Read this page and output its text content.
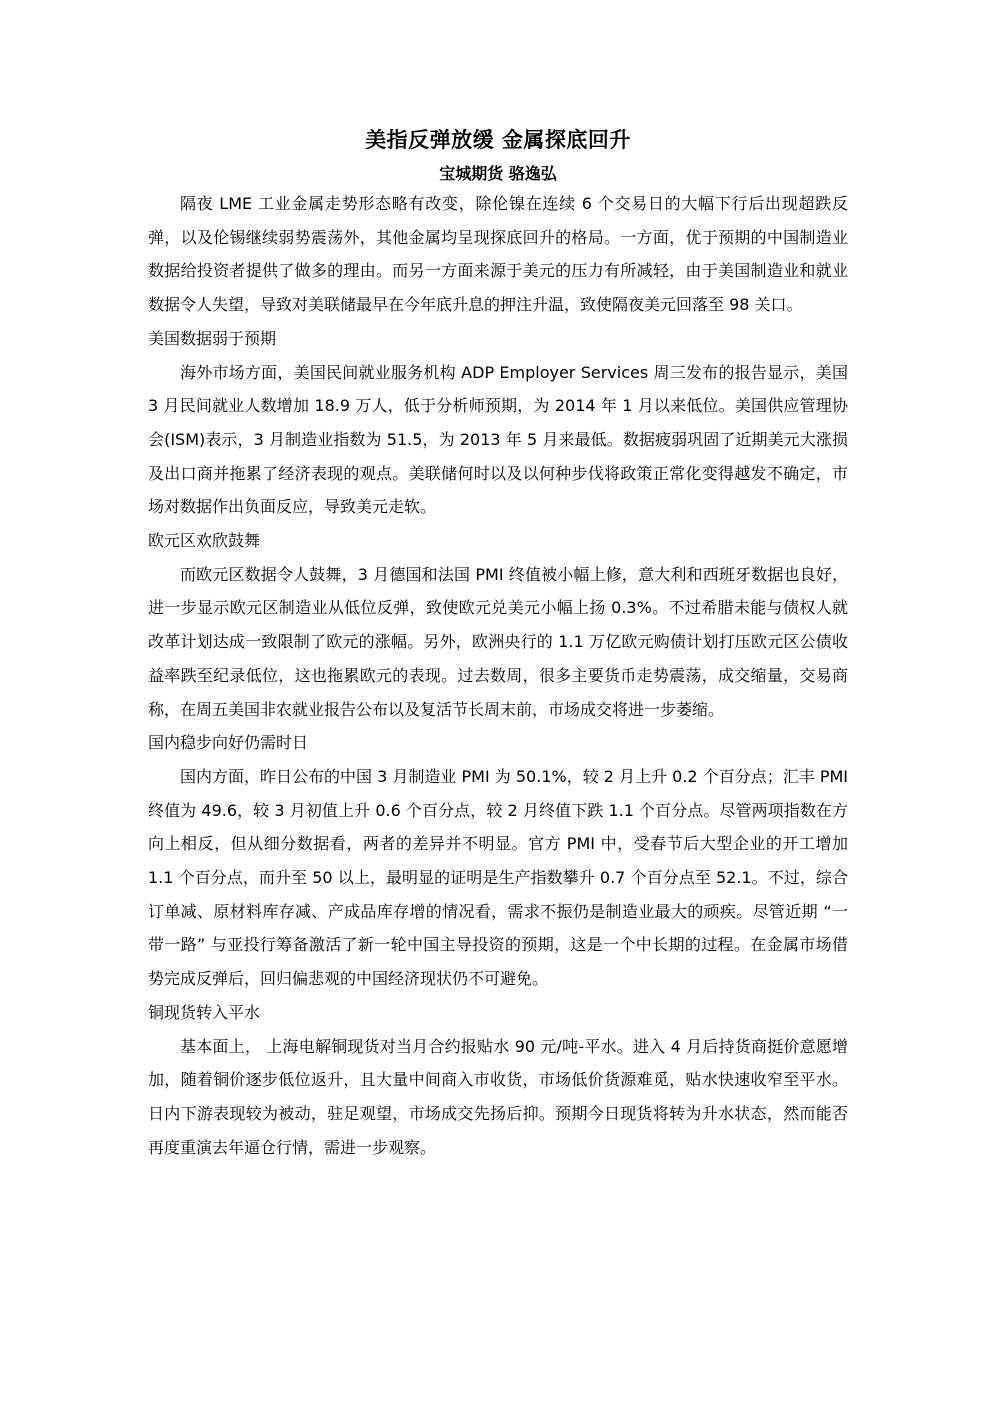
美指反弹放缓 金属探底回升
宝城期货 骆逸弘

隔夜 LME 工业金属走势形态略有改变，除伦镍在连续 6 个交易日的大幅下行后出现超跌反弹，以及伦锡继续弱势震荡外，其他金属均呈现探底回升的格局。一方面，优于预期的中国制造业数据给投资者提供了做多的理由。而另一方面来源于美元的压力有所减轻，由于美国制造业和就业数据令人失望，导致对美联储最早在今年底升息的押注升温，致使隔夜美元回落至 98 关口。

美国数据弱于预期

海外市场方面，美国民间就业服务机构 ADP Employer Services 周三发布的报告显示，美国 3 月民间就业人数增加 18.9 万人，低于分析师预期，为 2014 年 1 月以来低位。美国供应管理协会(ISM)表示，3 月制造业指数为 51.5，为 2013 年 5 月来最低。数据疲弱巩固了近期美元大涨损及出口商并拖累了经济表现的观点。美联储何时以及以何种步伐将政策正常化变得越发不确定，市场对数据作出负面反应，导致美元走软。

欧元区欢欣鼓舞

而欧元区数据令人鼓舞，3 月德国和法国 PMI 终值被小幅上修，意大利和西班牙数据也良好，进一步显示欧元区制造业从低位反弹，致使欧元兑美元小幅上扬 0.3%。不过希腊未能与债权人就改革计划达成一致限制了欧元的涨幅。另外，欧洲央行的 1.1 万亿欧元购债计划打压欧元区公债收益率跌至纪录低位，这也拖累欧元的表现。过去数周，很多主要货币走势震荡，成交缩量，交易商称，在周五美国非农就业报告公布以及复活节长周末前，市场成交将进一步萎缩。

国内稳步向好仍需时日

国内方面，昨日公布的中国 3 月制造业 PMI 为 50.1%，较 2 月上升 0.2 个百分点；汇丰 PMI 终值为 49.6，较 3 月初值上升 0.6 个百分点，较 2 月终值下跌 1.1 个百分点。尽管两项指数在方向上相反，但从细分数据看，两者的差异并不明显。官方 PMI 中，受春节后大型企业的开工增加 1.1 个百分点，而升至 50 以上，最明显的证明是生产指数攀升 0.7 个百分点至 52.1。不过，综合订单减、原材料库存减、产成品库存增的情况看，需求不振仍是制造业最大的顽疾。尽管近期 “一带一路” 与亚投行筹备激活了新一轮中国主导投资的预期，这是一个中长期的过程。在金属市场借势完成反弹后，回归偏悲观的中国经济现状仍不可避免。

铜现货转入平水

基本面上， 上海电解铜现货对当月合约报贴水 90 元/吨-平水。进入 4 月后持货商挺价意愿增加，随着铜价逐步低位返升，且大量中间商入市收货，市场低价货源难觅，贴水快速收窄至平水。日内下游表现较为被动，驻足观望，市场成交先扬后抑。预期今日现货将转为升水状态，然而能否再度重演去年逼仓行情，需进一步观察。
